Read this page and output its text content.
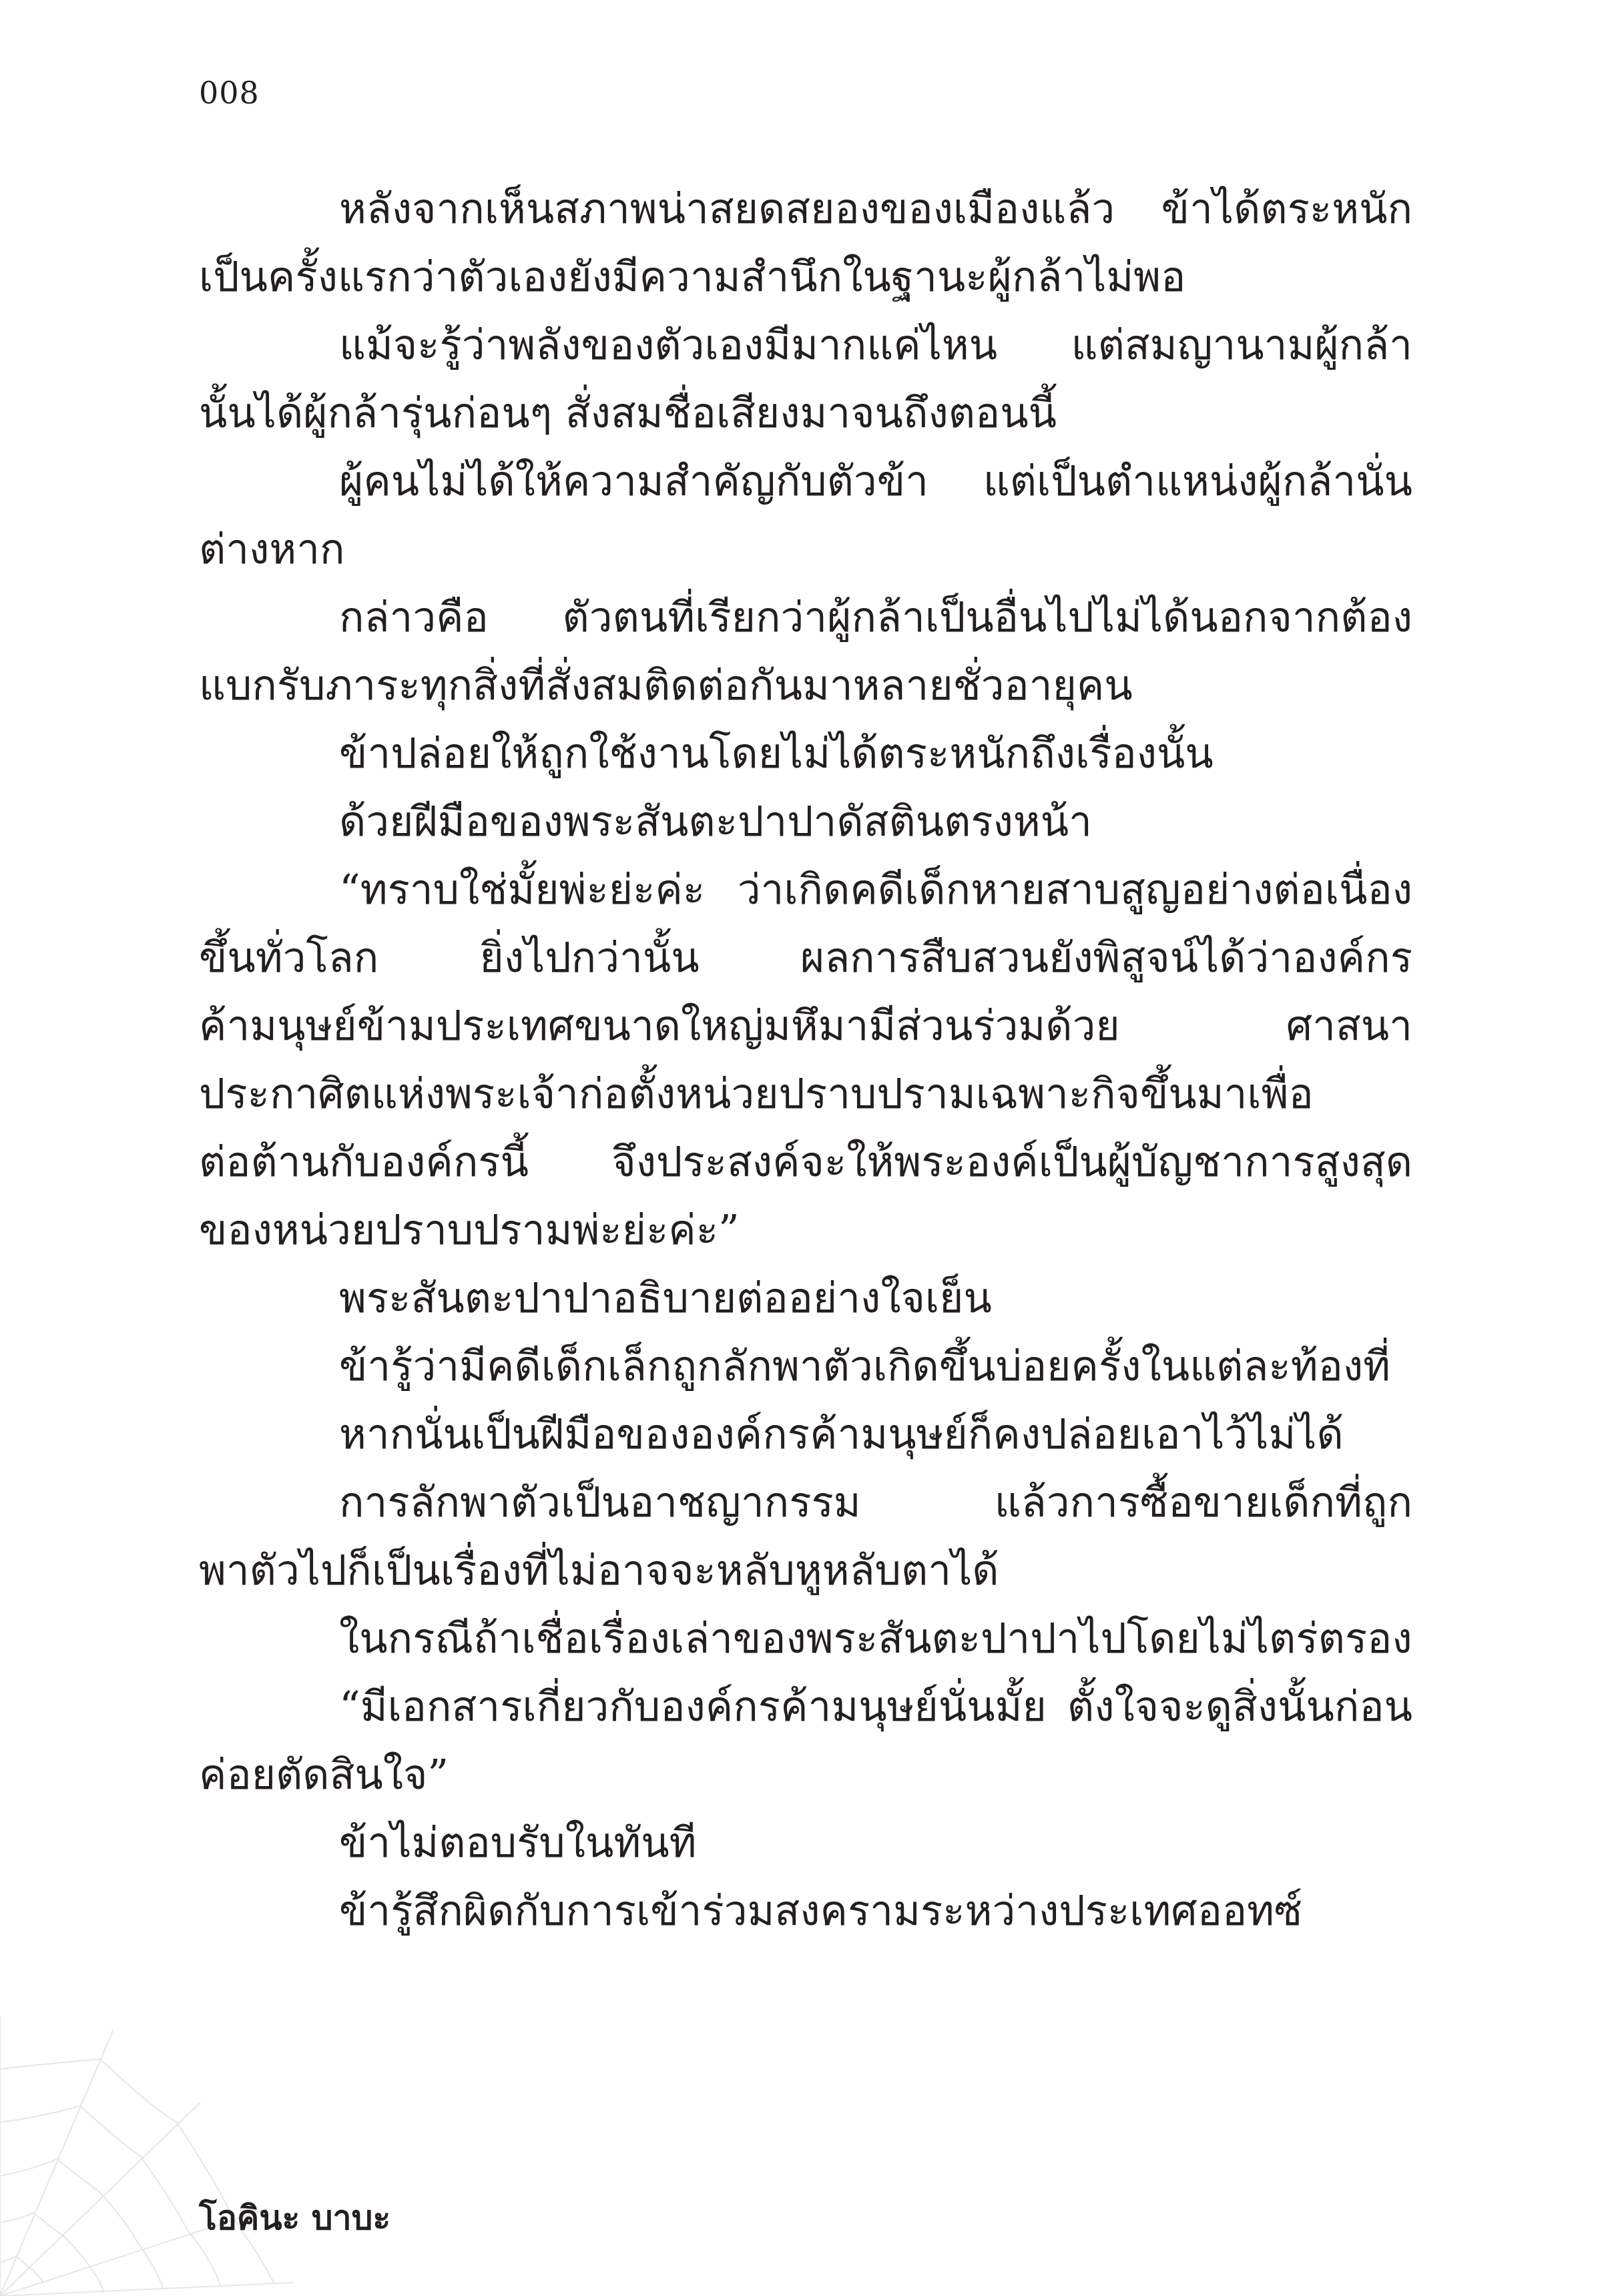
008
หลังจากเห็นสภาพน่าสยดสยองของเมืองแล้ว ข้าได้ตระหนัก
เป็นครั้งแรกว่าตัวเองยังมีความสำนึกในฐานะผู้กล้าไม่พอ
แม้จะรู้ว่าพลังของตัวเองมีมากแค่ไหน แต่สมญานามผู้กล้า
นั้นได้ผู้กล้ารุ่นก่อนๆ สั่งสมชื่อเสียงมาจนถึงตอนนี้
ผู้คนไม่ได้ให้ความสำคัญกับตัวข้า แต่เป็นตำแหน่งผู้กล้านั่น
ต่างหาก
กล่าวคือ ตัวตนที่เรียกว่าผู้กล้าเป็นอื่นไปไม่ได้นอกจากต้อง
แบกรับภาระทุกสิ่งที่สั่งสมติดต่อกันมาหลายชั่วอายุคน
ข้าปล่อยให้ถูกใช้งานโดยไม่ได้ตระหนักถึงเรื่องนั้น
ด้วยฝีมือของพระสันตะปาปาดัสตินตรงหน้า
“ทราบใช่มั้ยพ่ะย่ะค่ะ ว่าเกิดคดีเด็กหายสาบสูญอย่างต่อเนื่อง
ขึ้นทั่วโลก ยิ่งไปกว่านั้น ผลการสืบสวนยังพิสูจน์ได้ว่าองค์กร
ค้ามนุษย์ข้ามประเทศขนาดใหญ่มหึมามีส่วนร่วมด้วย ศาสนา
ประกาศิตแห่งพระเจ้าก่อตั้งหน่วยปราบปรามเฉพาะกิจขึ้นมาเพื่อ
ต่อต้านกับองค์กรนี้ จึงประสงค์จะให้พระองค์เป็นผู้บัญชาการสูงสุด
ของหน่วยปราบปรามพ่ะย่ะค่ะ”
พระสันตะปาปาอธิบายต่ออย่างใจเย็น
ข้ารู้ว่ามีคดีเด็กเล็กถูกลักพาตัวเกิดขึ้นบ่อยครั้งในแต่ละท้องที่
หากนั่นเป็นฝีมือขององค์กรค้ามนุษย์ก็คงปล่อยเอาไว้ไม่ได้
การลักพาตัวเป็นอาชญากรรม แล้วการซื้อขายเด็กที่ถูก
พาตัวไปก็เป็นเรื่องที่ไม่อาจจะหลับหูหลับตาได้
ในกรณีถ้าเชื่อเรื่องเล่าของพระสันตะปาปาไปโดยไม่ไตร่ตรอง
“มีเอกสารเกี่ยวกับองค์กรค้ามนุษย์นั่นมั้ย ตั้งใจจะดูสิ่งนั้นก่อน
ค่อยตัดสินใจ”
ข้าไม่ตอบรับในทันที
ข้ารู้สึกผิดกับการเข้าร่วมสงครามระหว่างประเทศออทซ์
โอคินะ บาบะ
